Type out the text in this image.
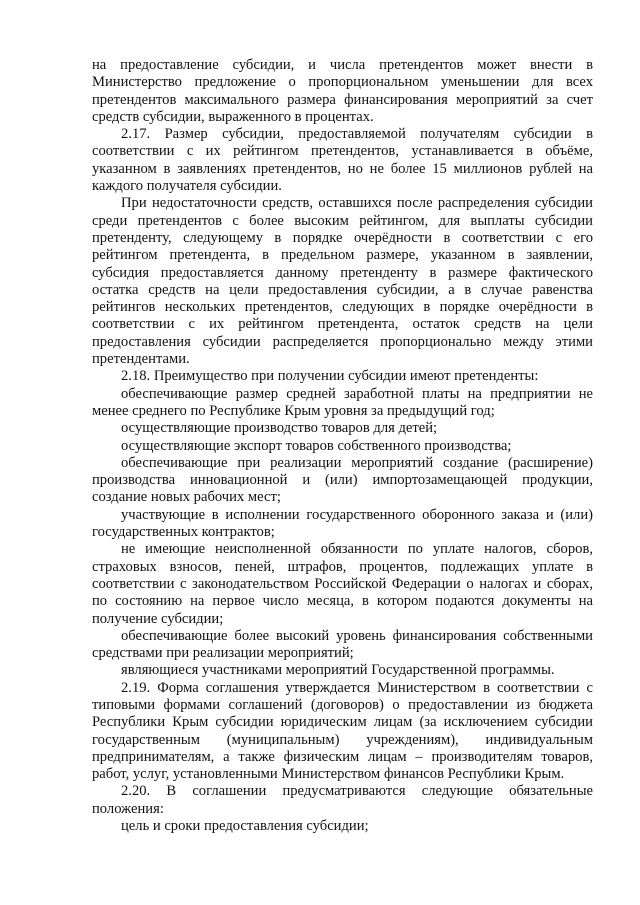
на предоставление субсидии, и числа претендентов может внести в Министерство предложение о пропорциональном уменьшении для всех претендентов максимального размера финансирования мероприятий за счет средств субсидии, выраженного в процентах.

2.17. Размер субсидии, предоставляемой получателям субсидии в соответствии с их рейтингом претендентов, устанавливается в объёме, указанном в заявлениях претендентов, но не более 15 миллионов рублей на каждого получателя субсидии.

При недостаточности средств, оставшихся после распределения субсидии среди претендентов с более высоким рейтингом, для выплаты субсидии претенденту, следующему в порядке очерёдности в соответствии с его рейтингом претендента, в предельном размере, указанном в заявлении, субсидия предоставляется данному претенденту в размере фактического остатка средств на цели предоставления субсидии, а в случае равенства рейтингов нескольких претендентов, следующих в порядке очерёдности в соответствии с их рейтингом претендента, остаток средств на цели предоставления субсидии распределяется пропорционально между этими претендентами.

2.18. Преимущество при получении субсидии имеют претенденты:

обеспечивающие размер средней заработной платы на предприятии не менее среднего по Республике Крым уровня за предыдущий год;

осуществляющие производство товаров для детей;

осуществляющие экспорт товаров собственного производства;

обеспечивающие при реализации мероприятий создание (расширение) производства инновационной и (или) импортозамещающей продукции, создание новых рабочих мест;

участвующие в исполнении государственного оборонного заказа и (или) государственных контрактов;

не имеющие неисполненной обязанности по уплате налогов, сборов, страховых взносов, пеней, штрафов, процентов, подлежащих уплате в соответствии с законодательством Российской Федерации о налогах и сборах, по состоянию на первое число месяца, в котором подаются документы на получение субсидии;

обеспечивающие более высокий уровень финансирования собственными средствами при реализации мероприятий;

являющиеся участниками мероприятий Государственной программы.

2.19. Форма соглашения утверждается Министерством в соответствии с типовыми формами соглашений (договоров) о предоставлении из бюджета Республики Крым субсидии юридическим лицам (за исключением субсидии государственным (муниципальным) учреждениям), индивидуальным предпринимателям, а также физическим лицам – производителям товаров, работ, услуг, установленными Министерством финансов Республики Крым.

2.20. В соглашении предусматриваются следующие обязательные положения:

цель и сроки предоставления субсидии;
